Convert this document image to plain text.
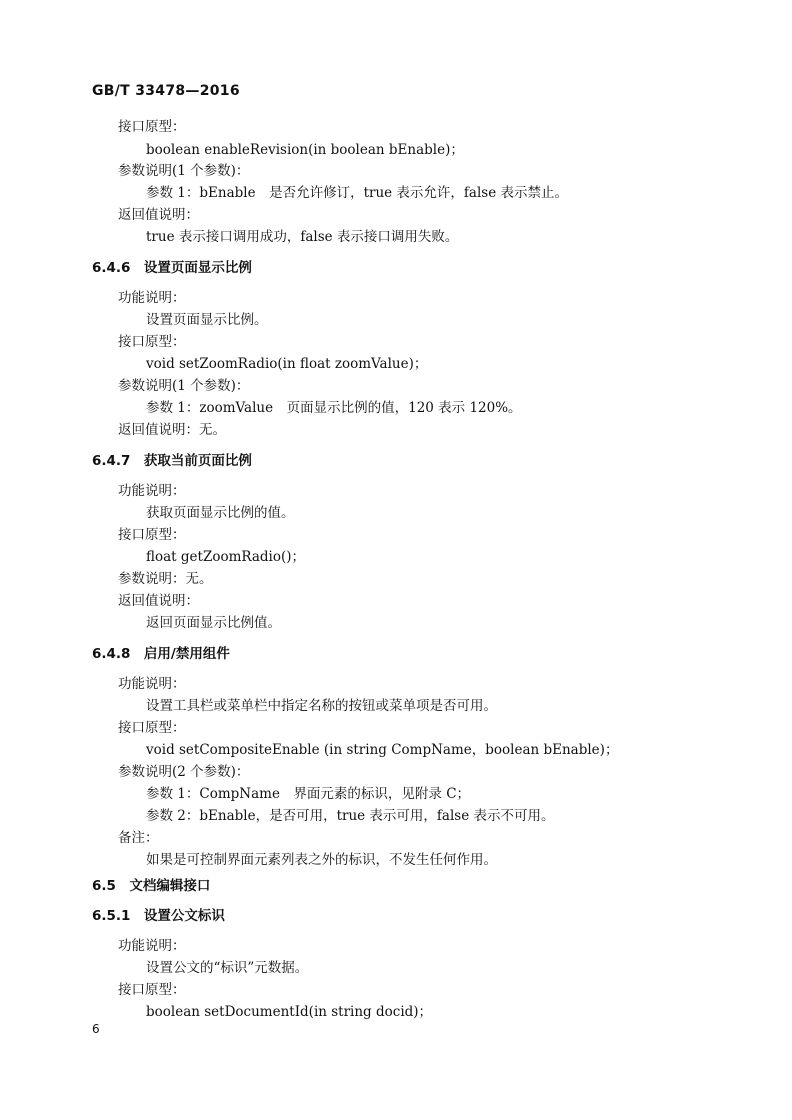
GB/T 33478—2016
接口原型：
boolean enableRevision(in boolean bEnable)；
参数说明(1 个参数)：
参数 1：bEnable　是否允许修订，true 表示允许，false 表示禁止。
返回值说明：
true 表示接口调用成功，false 表示接口调用失败。
6.4.6　设置页面显示比例
功能说明：
设置页面显示比例。
接口原型：
void setZoomRadio(in float zoomValue)；
参数说明(1 个参数)：
参数 1：zoomValue　页面显示比例的值，120 表示 120%。
返回值说明：无。
6.4.7　获取当前页面比例
功能说明：
获取页面显示比例的值。
接口原型：
float getZoomRadio()；
参数说明：无。
返回值说明：
返回页面显示比例值。
6.4.8　启用/禁用组件
功能说明：
设置工具栏或菜单栏中指定名称的按钮或菜单项是否可用。
接口原型：
void setCompositeEnable (in string CompName，boolean bEnable)；
参数说明(2 个参数)：
参数 1：CompName　界面元素的标识，见附录 C；
参数 2：bEnable，是否可用，true 表示可用，false 表示不可用。
备注：
如果是可控制界面元素列表之外的标识，不发生任何作用。
6.5　文档编辑接口
6.5.1　设置公文标识
功能说明：
设置公文的“标识”元数据。
接口原型：
boolean setDocumentId(in string docid)；
6
